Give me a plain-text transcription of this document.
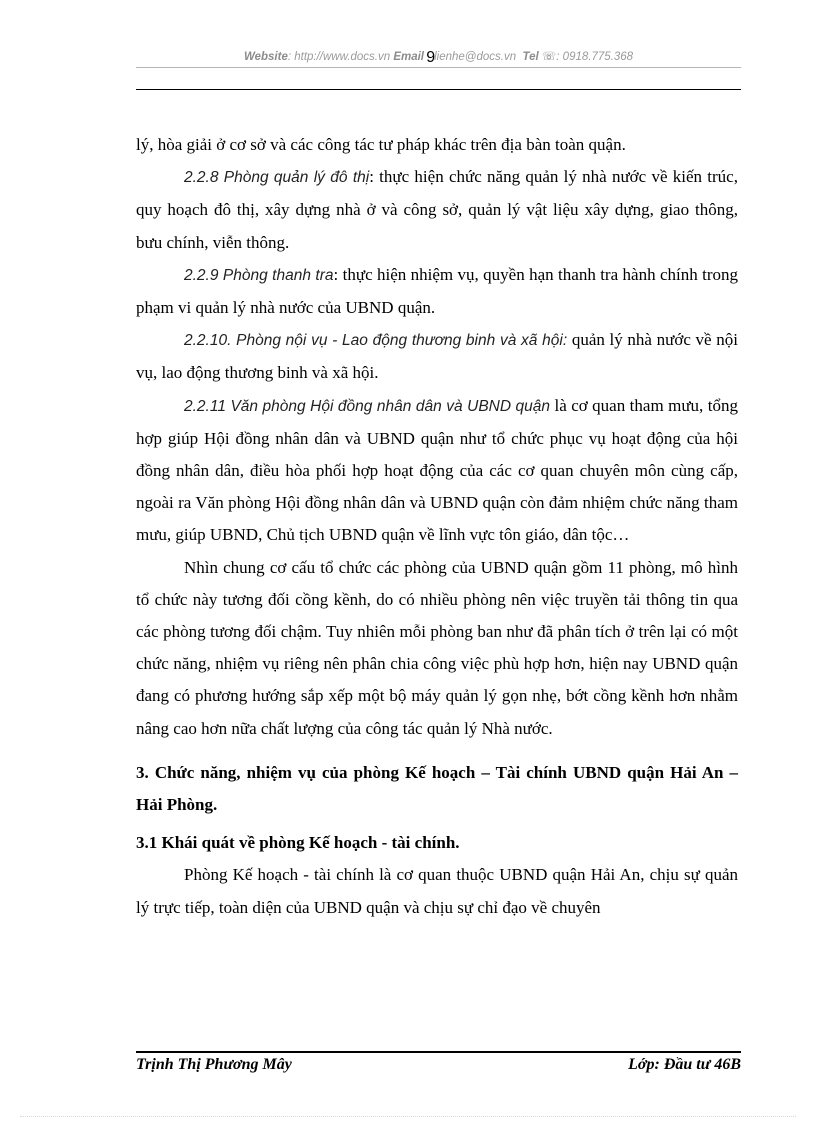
Website: http://www.docs.vn Email 9lienhe@docs.vn Tel ☏: 0918.775.368

lý, hòa giải ở cơ sở và các công tác tư pháp khác trên địa bàn toàn quận.

2.2.8 Phòng quản lý đô thị: thực hiện chức năng quản lý nhà nước về kiến trúc, quy hoạch đô thị, xây dựng nhà ở và công sở, quản lý vật liệu xây dựng, giao thông, bưu chính, viễn thông.

2.2.9 Phòng thanh tra: thực hiện nhiệm vụ, quyền hạn thanh tra hành chính trong phạm vi quản lý nhà nước của UBND quận.

2.2.10. Phòng nội vụ - Lao động thương binh và xã hội: quản lý nhà nước về nội vụ, lao động thương binh và xã hội.

2.2.11 Văn phòng Hội đồng nhân dân và UBND quận là cơ quan tham mưu, tổng hợp giúp Hội đồng nhân dân và UBND quận như tổ chức phục vụ hoạt động của hội đồng nhân dân, điều hòa phối hợp hoạt động của các cơ quan chuyên môn cùng cấp, ngoài ra Văn phòng Hội đồng nhân dân và UBND quận còn đảm nhiệm chức năng tham mưu, giúp UBND, Chủ tịch UBND quận về lĩnh vực tôn giáo, dân tộc…

Nhìn chung cơ cấu tổ chức các phòng của UBND quận gồm 11 phòng, mô hình tổ chức này tương đối cồng kềnh, do có nhiều phòng nên việc truyền tải thông tin qua các phòng tương đối chậm. Tuy nhiên mỗi phòng ban như đã phân tích ở trên lại có một chức năng, nhiệm vụ riêng nên phân chia công việc phù hợp hơn, hiện nay UBND quận đang có phương hướng sắp xếp một bộ máy quản lý gọn nhẹ, bớt cồng kềnh hơn nhằm nâng cao hơn nữa chất lượng của công tác quản lý Nhà nước.

3. Chức năng, nhiệm vụ của phòng Kế hoạch – Tài chính UBND quận Hải An – Hải Phòng.

3.1 Khái quát về phòng Kế hoạch - tài chính.

Phòng Kế hoạch - tài chính là cơ quan thuộc UBND quận Hải An, chịu sự quản lý trực tiếp, toàn diện của UBND quận và chịu sự chỉ đạo về chuyên

Trịnh Thị Phương Mây	Lớp: Đầu tư 46B
